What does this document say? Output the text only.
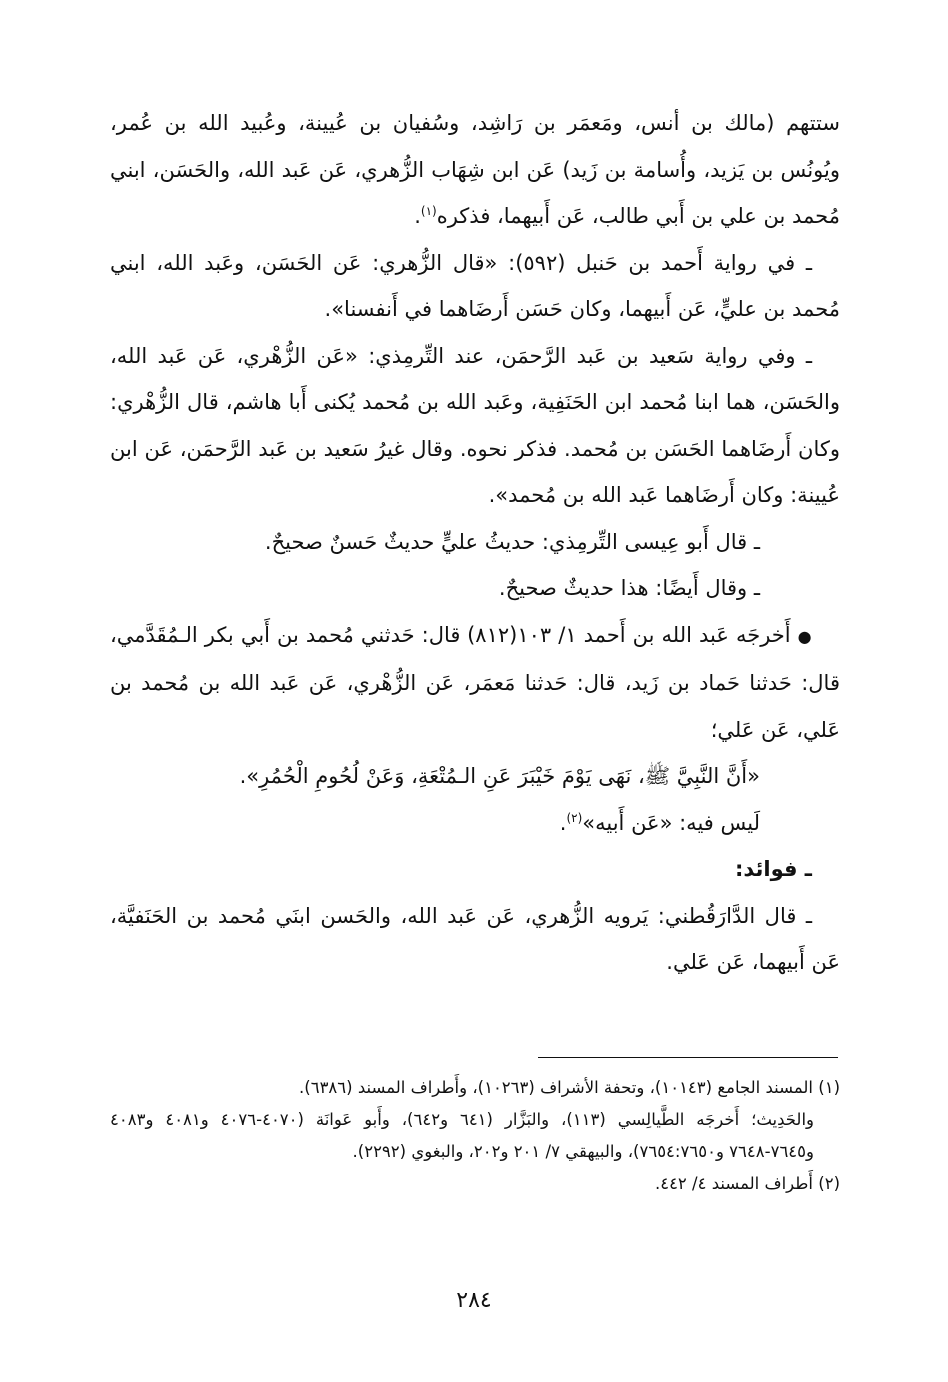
ستتهم (مالك بن أنس، ومَعمَر بن رَاشِد، وسُفيان بن عُيينة، وعُبيد الله بن عُمر، ويُونُس بن يَزيد، وأُسامة بن زَيد) عَن ابن شِهَاب الزُّهري، عَن عَبد الله، والحَسَن، ابني مُحمد بن علي بن أَبي طالب، عَن أَبيهما، فذكره$^{(١)}$.

ـ في رواية أَحمد بن حَنبل (٥٩٢): «قال الزُّهري: عَن الحَسَن، وعَبد الله، ابني مُحمد بن عليٍّ، عَن أَبيهما، وكان حَسَن أَرضَاهما في أَنفسنا».

ـ وفي رواية سَعيد بن عَبد الرَّحمَن، عند التِّرمِذي: «عَن الزُّهْري، عَن عَبد الله، والحَسَن، هما ابنا مُحمد ابن الحَنَفِية، وعَبد الله بن مُحمد يُكنى أَبا هاشم، قال الزُّهْري: وكان أَرضَاهما الحَسَن بن مُحمد. فذكر نحوه. وقال غيرُ سَعيد بن عَبد الرَّحمَن، عَن ابن عُيينة: وكان أَرضَاهما عَبد الله بن مُحمد».

ـ قال أَبو عِيسى التِّرمِذي: حديثُ عليٍّ حديثٌ حَسنٌ صحيحٌ.

ـ وقال أَيضًا: هذا حديثٌ صحيحٌ.

● أَخرجَه عَبد الله بن أَحمد ١/ ١٠٣(٨١٢) قال: حَدثني مُحمد بن أَبي بكر الـمُقَدَّمي، قال: حَدثنا حَماد بن زَيد، قال: حَدثنا مَعمَر، عَن الزُّهْري، عَن عَبد الله بن مُحمد بن عَلي، عَن عَلي؛

«أَنَّ النَّبِيَّ ﷺ، نَهَى يَوْمَ خَيْبَرَ عَنِ الـمُتْعَةِ، وَعَنْ لُحُومِ الْحُمُرِ».

لَيس فيه: «عَن أَبيه»$^{(٢)}$.

ـ فوائد:

ـ قال الدَّارَقُطني: يَرويه الزُّهري، عَن عَبد الله، والحَسن ابنَي مُحمد بن الحَنَفيَّة، عَن أَبيهما، عَن عَلي.

(١) المسند الجامع (١٠١٤٣)، وتحفة الأشراف (١٠٢٦٣)، وأَطراف المسند (٦٣٨٦).

والحَدِيث؛ أَخرجَه الطَّيالِسي (١١٣)، والبَزَّار (٦٤١ و٦٤٢)، وأَبو عَوانَة (٤٠٧٠-٤٠٧٦ و٤٠٨١ و٤٠٨٣ و٧٦٤٥-٧٦٤٨ و٧٦٥٤:٧٦٥٠)، والبيهقي ٧/ ٢٠١ و٢٠٢، والبغوي (٢٢٩٢).

(٢) أَطراف المسند ٤/ ٤٤٢.

٢٨٤
